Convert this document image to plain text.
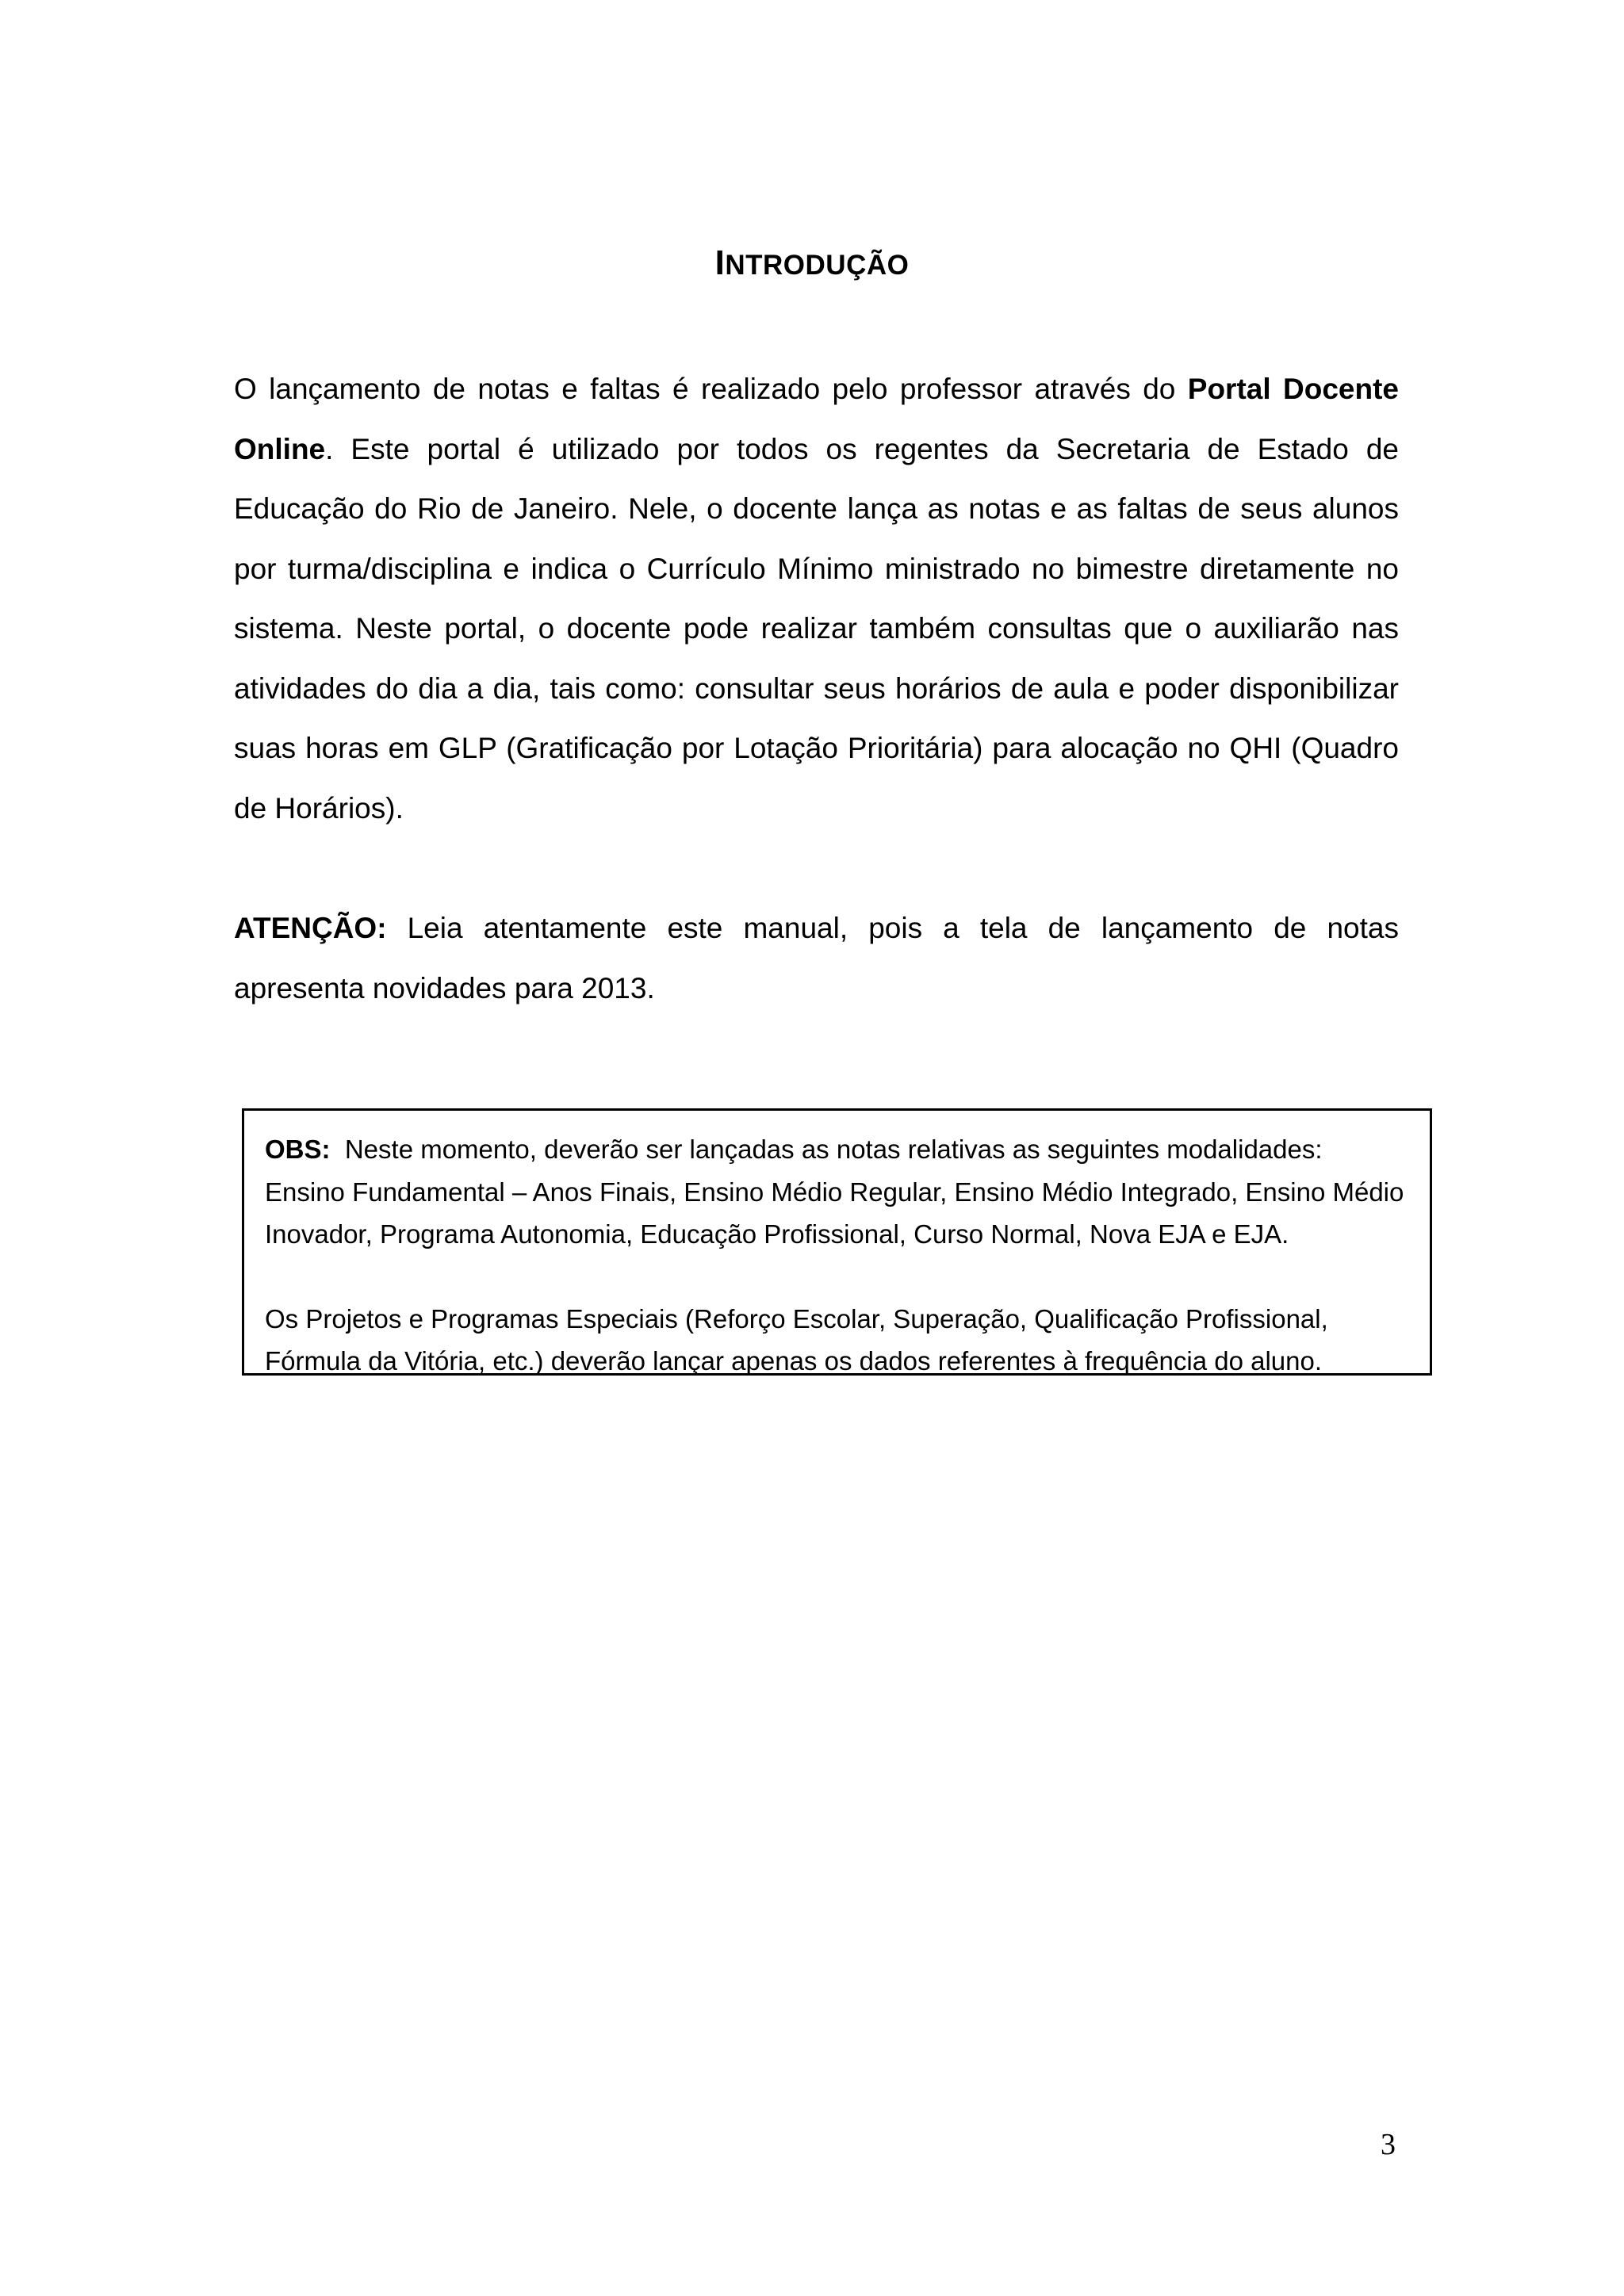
INTRODUÇÃO
O lançamento de notas e faltas é realizado pelo professor através do Portal Docente Online. Este portal é utilizado por todos os regentes da Secretaria de Estado de Educação do Rio de Janeiro. Nele, o docente lança as notas e as faltas de seus alunos por turma/disciplina e indica o Currículo Mínimo ministrado no bimestre diretamente no sistema. Neste portal, o docente pode realizar também consultas que o auxiliarão nas atividades do dia a dia, tais como: consultar seus horários de aula e poder disponibilizar suas horas em GLP (Gratificação por Lotação Prioritária) para alocação no QHI (Quadro de Horários).
ATENÇÃO: Leia atentamente este manual, pois a tela de lançamento de notas apresenta novidades para 2013.

OBS: Neste momento, deverão ser lançadas as notas relativas as seguintes modalidades: Ensino Fundamental – Anos Finais, Ensino Médio Regular, Ensino Médio Integrado, Ensino Médio Inovador, Programa Autonomia, Educação Profissional, Curso Normal, Nova EJA e EJA.

Os Projetos e Programas Especiais (Reforço Escolar, Superação, Qualificação Profissional, Fórmula da Vitória, etc.) deverão lançar apenas os dados referentes à frequência do aluno.

3
